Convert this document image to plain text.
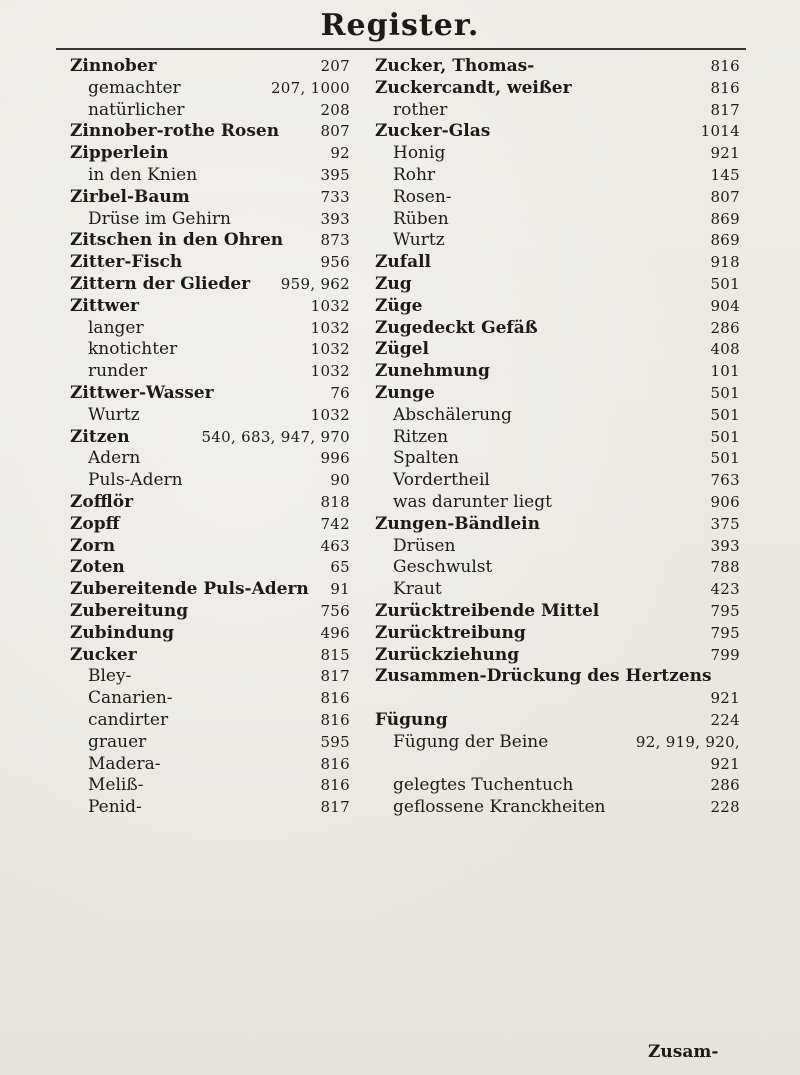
Register.
Zinnober	207
gemachter	207, 1000
natürlicher	208
Zinnober‑rothe Rosen	807
Zipperlein	92
in den Knien	395
Zirbel‑Baum	733
Drüse im Gehirn	393
Zitschen in den Ohren 873
Zitter‑Fisch	956
Zittern der Glieder 959, 962
Zittwer	1032
langer	1032
knotichter	1032
runder	1032
Zittwer‑Wasser	76
Wurtz	1032
Zitzen	540, 683, 947, 970
Adern	996
Puls‑Adern	90
Zofflör	818
Zopff	742
Zorn	463
Zoten	65
Zubereitende Puls‑Adern 91
Zubereitung	756
Zubindung	496
Zucker	815
Bley‑	817
Canarien‑	816
candirter	816
grauer	595
Madera‑	816
Meliß‑	816
Penid‑	817
Zucker, Thomas‑	816
Zuckercandt, weißer	816
rother	817
Zucker‑Glas	1014
Honig	921
Rohr	145
Rosen‑	807
Rüben	869
Wurtz	869
Zufall	918
Zug	501
Züge	904
Zugedeckt Gefäß	286
Zügel	408
Zunehmung	101
Zunge	501
Abschälerung	501
Ritzen	501
Spalten	501
Vordertheil	763
was darunter liegt	906
Zungen‑Bändlein	375
Drüsen	393
Geschwulst	788
Kraut	423
Zurücktreibende Mittel	795
Zurücktreibung	795
Zurückziehung	799
Zusammen‑Drückung des Hertzens
921
Fügung	224
Fügung der Beine	92, 919, 920,
921
gelegtes Tuchentuch	286
geflossene Kranckheiten	228
Zusam‑
